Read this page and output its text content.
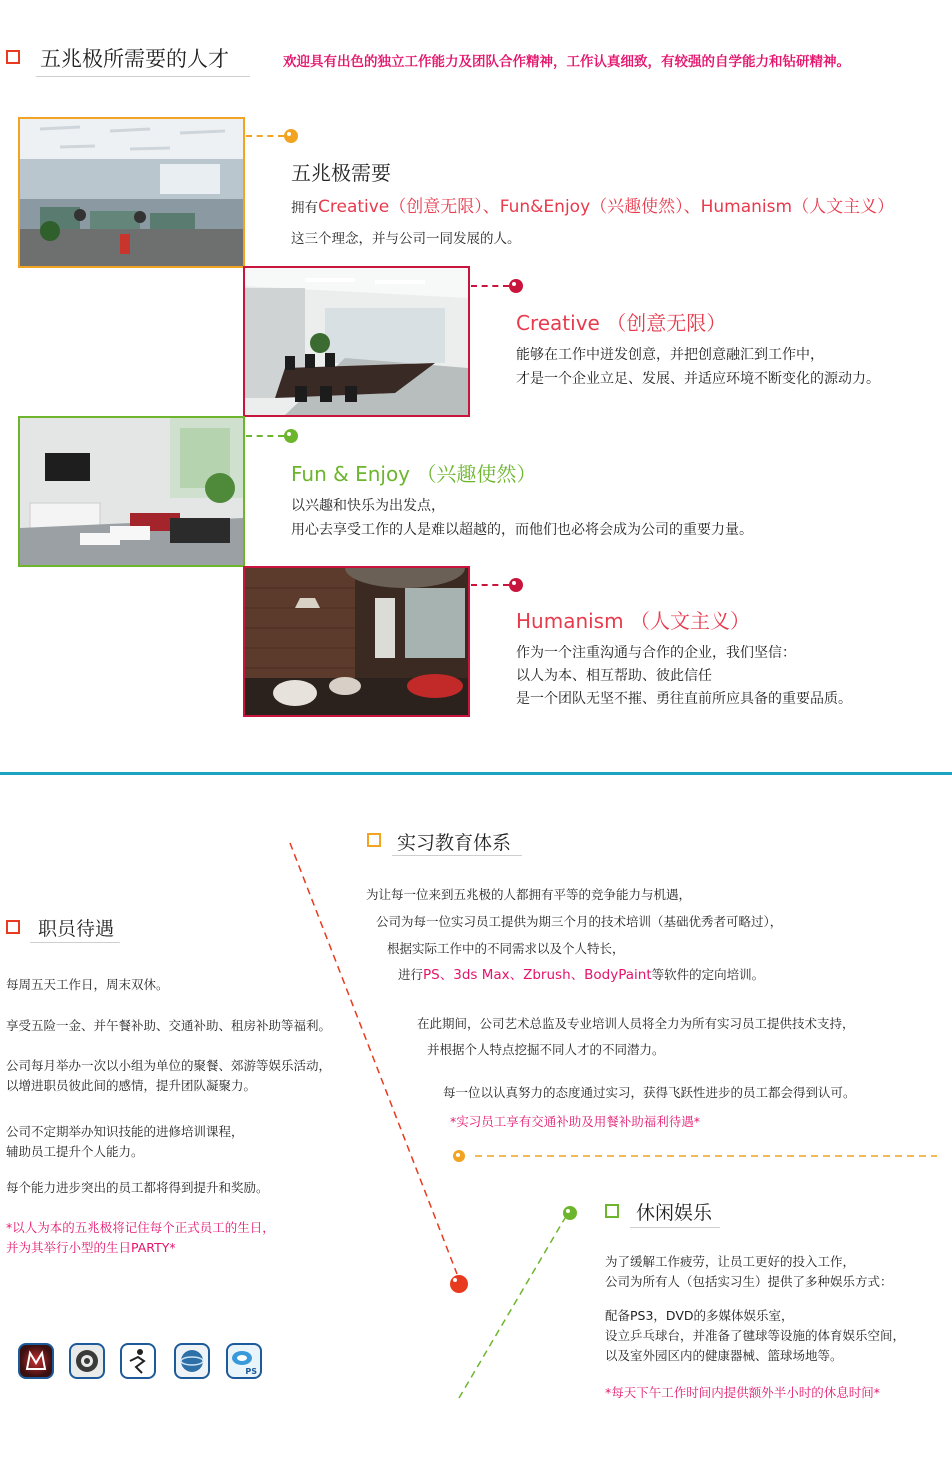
五兆极所需要的人才	欢迎具有出色的独立工作能力及团队合作精神，工作认真细致，有较强的自学能力和钻研精神。
五兆极需要
拥有Creative（创意无限）、Fun&Enjoy（兴趣使然）、Humanism（人文主义）
这三个理念，并与公司一同发展的人。
Creative （创意无限）
能够在工作中迸发创意，并把创意融汇到工作中，
才是一个企业立足、发展、并适应环境不断变化的源动力。
Fun & Enjoy （兴趣使然）
以兴趣和快乐为出发点，
用心去享受工作的人是难以超越的，而他们也必将会成为公司的重要力量。
Humanism （人文主义）
作为一个注重沟通与合作的企业，我们坚信：
以人为本、相互帮助、彼此信任
是一个团队无坚不摧、勇往直前所应具备的重要品质。
职员待遇
每周五天工作日，周末双休。
享受五险一金、并午餐补助、交通补助、租房补助等福利。
公司每月举办一次以小组为单位的聚餐、郊游等娱乐活动，
以增进职员彼此间的感情，提升团队凝聚力。
公司不定期举办知识技能的进修培训课程，
辅助员工提升个人能力。
每个能力进步突出的员工都将得到提升和奖励。
*以人为本的五兆极将记住每个正式员工的生日，
并为其举行小型的生日PARTY*
PS
实习教育体系
为让每一位来到五兆极的人都拥有平等的竞争能力与机遇，
公司为每一位实习员工提供为期三个月的技术培训（基础优秀者可略过），
根据实际工作中的不同需求以及个人特长，
进行PS、3ds Max、Zbrush、BodyPaint等软件的定向培训。
在此期间，公司艺术总监及专业培训人员将全力为所有实习员工提供技术支持，
并根据个人特点挖掘不同人才的不同潜力。
每一位以认真努力的态度通过实习，获得飞跃性进步的员工都会得到认可。
*实习员工享有交通补助及用餐补助福利待遇*
休闲娱乐
为了缓解工作疲劳，让员工更好的投入工作，
公司为所有人（包括实习生）提供了多种娱乐方式：
配备PS3，DVD的多媒体娱乐室，
设立乒乓球台，并准备了毽球等设施的体育娱乐空间，
以及室外园区内的健康器械、篮球场地等。
*每天下午工作时间内提供额外半小时的休息时间*
